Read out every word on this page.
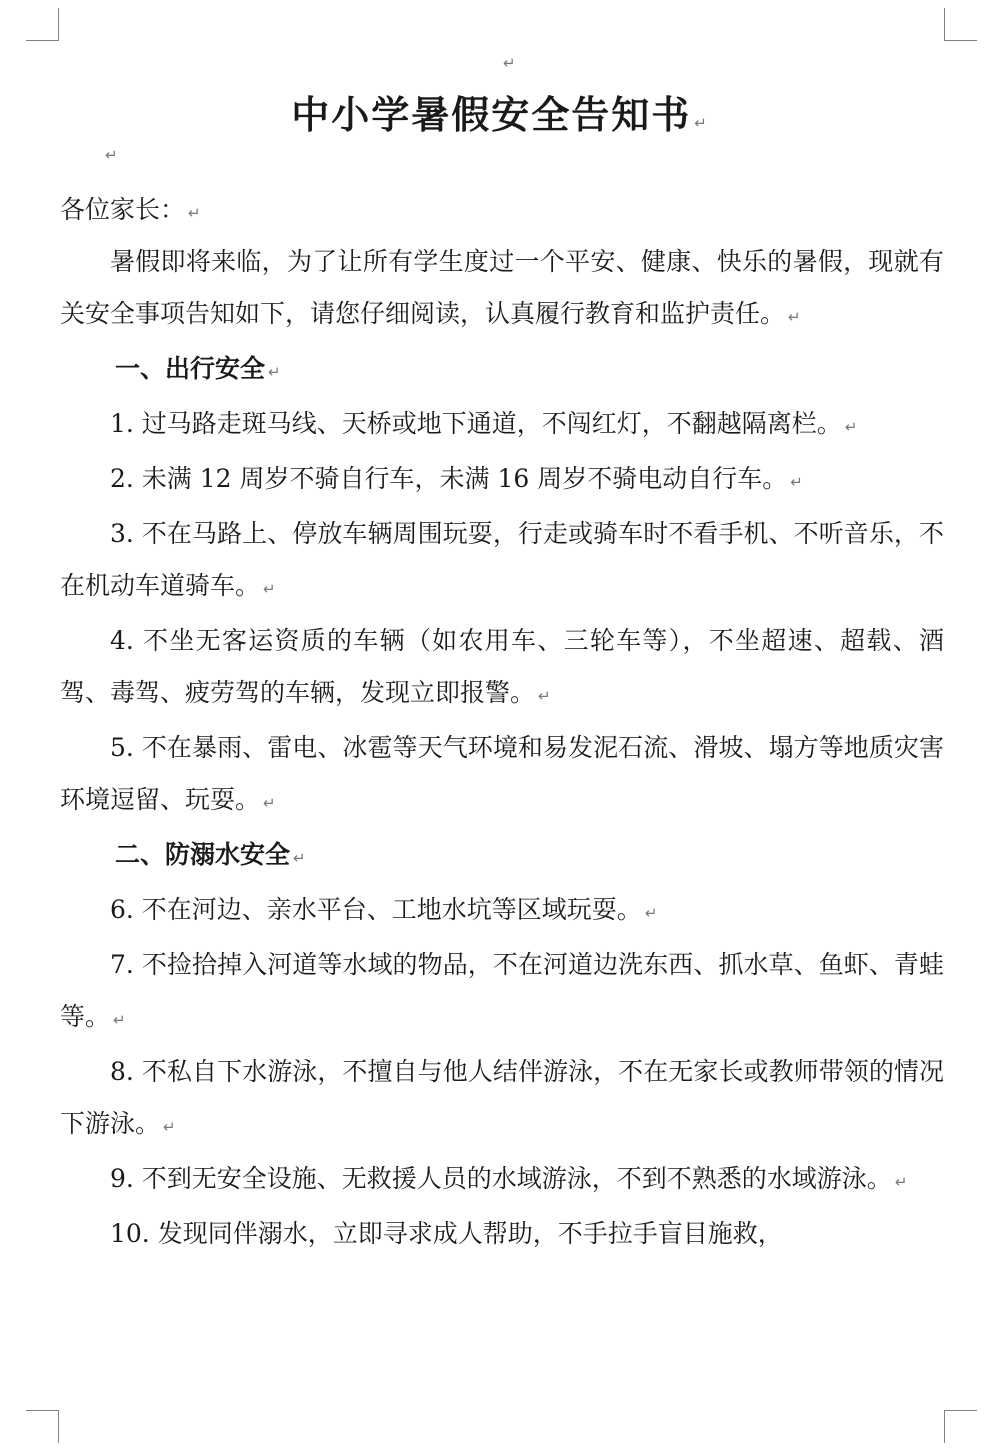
↵
中小学暑假安全告知书 ↵
↵
各位家长： ↵

暑假即将来临，为了让所有学生度过一个平安、健康、快乐的暑假，现就有关安全事项告知如下，请您仔细阅读，认真履行教育和监护责任。 ↵

一、出行安全 ↵

1. 过马路走斑马线、天桥或地下通道，不闯红灯，不翻越隔离栏。 ↵

2. 未满 12 周岁不骑自行车，未满 16 周岁不骑电动自行车。 ↵

3. 不在马路上、停放车辆周围玩耍，行走或骑车时不看手机、不听音乐，不在机动车道骑车。 ↵

4. 不坐无客运资质的车辆（如农用车、三轮车等），不坐超速、超载、酒驾、毒驾、疲劳驾的车辆，发现立即报警。 ↵

5. 不在暴雨、雷电、冰雹等天气环境和易发泥石流、滑坡、塌方等地质灾害环境逗留、玩耍。 ↵

二、防溺水安全 ↵

6. 不在河边、亲水平台、工地水坑等区域玩耍。 ↵

7. 不捡拾掉入河道等水域的物品，不在河道边洗东西、抓水草、鱼虾、青蛙等。 ↵

8. 不私自下水游泳，不擅自与他人结伴游泳，不在无家长或教师带领的情况下游泳。 ↵

9. 不到无安全设施、无救援人员的水域游泳，不到不熟悉的水域游泳。 ↵

10. 发现同伴溺水，立即寻求成人帮助，不手拉手盲目施救，
